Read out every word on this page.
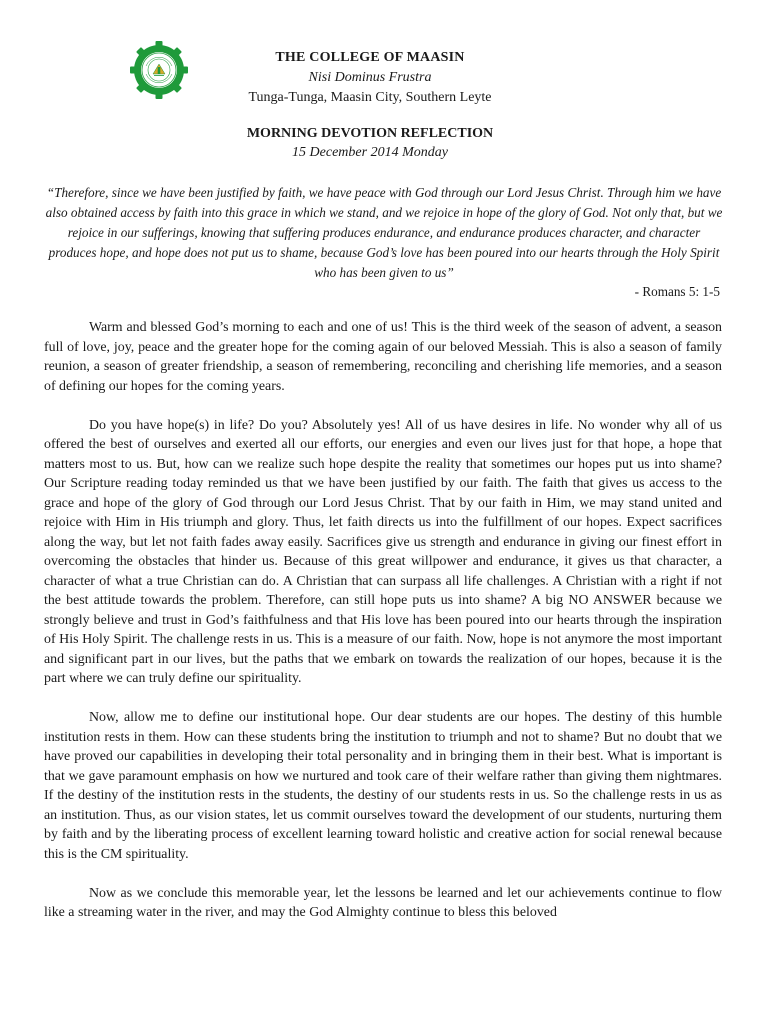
THE COLLEGE OF MAASIN
Nisi Dominus Frustra
Tunga-Tunga, Maasin City, Southern Leyte
MORNING DEVOTION REFLECTION
15 December 2014 Monday

“Therefore, since we have been justified by faith, we have peace with God through our Lord Jesus Christ. Through him we have also obtained access by faith into this grace in which we stand, and we rejoice in hope of the glory of God. Not only that, but we rejoice in our sufferings, knowing that suffering produces endurance, and endurance produces character, and character produces hope, and hope does not put us to shame, because God’s love has been poured into our hearts through the Holy Spirit who has been given to us”

- Romans 5: 1-5

Warm and blessed God’s morning to each and one of us! This is the third week of the season of advent, a season full of love, joy, peace and the greater hope for the coming again of our beloved Messiah. This is also a season of family reunion, a season of greater friendship, a season of remembering, reconciling and cherishing life memories, and a season of defining our hopes for the coming years.

Do you have hope(s) in life? Do you? Absolutely yes! All of us have desires in life. No wonder why all of us offered the best of ourselves and exerted all our efforts, our energies and even our lives just for that hope, a hope that matters most to us. But, how can we realize such hope despite the reality that sometimes our hopes put us into shame? Our Scripture reading today reminded us that we have been justified by our faith. The faith that gives us access to the grace and hope of the glory of God through our Lord Jesus Christ. That by our faith in Him, we may stand united and rejoice with Him in His triumph and glory. Thus, let faith directs us into the fulfillment of our hopes. Expect sacrifices along the way, but let not faith fades away easily. Sacrifices give us strength and endurance in giving our finest effort in overcoming the obstacles that hinder us. Because of this great willpower and endurance, it gives us that character, a character of what a true Christian can do. A Christian that can surpass all life challenges. A Christian with a right if not the best attitude towards the problem. Therefore, can still hope puts us into shame? A big NO ANSWER because we strongly believe and trust in God’s faithfulness and that His love has been poured into our hearts through the inspiration of His Holy Spirit. The challenge rests in us. This is a measure of our faith. Now, hope is not anymore the most important and significant part in our lives, but the paths that we embark on towards the realization of our hopes, because it is the part where we can truly define our spirituality.

Now, allow me to define our institutional hope. Our dear students are our hopes. The destiny of this humble institution rests in them. How can these students bring the institution to triumph and not to shame? But no doubt that we have proved our capabilities in developing their total personality and in bringing them in their best. What is important is that we gave paramount emphasis on how we nurtured and took care of their welfare rather than giving them nightmares. If the destiny of the institution rests in the students, the destiny of our students rests in us. So the challenge rests in us as an institution. Thus, as our vision states, let us commit ourselves toward the development of our students, nurturing them by faith and by the liberating process of excellent learning toward holistic and creative action for social renewal because this is the CM spirituality.

Now as we conclude this memorable year, let the lessons be learned and let our achievements continue to flow like a streaming water in the river, and may the God Almighty continue to bless this beloved
